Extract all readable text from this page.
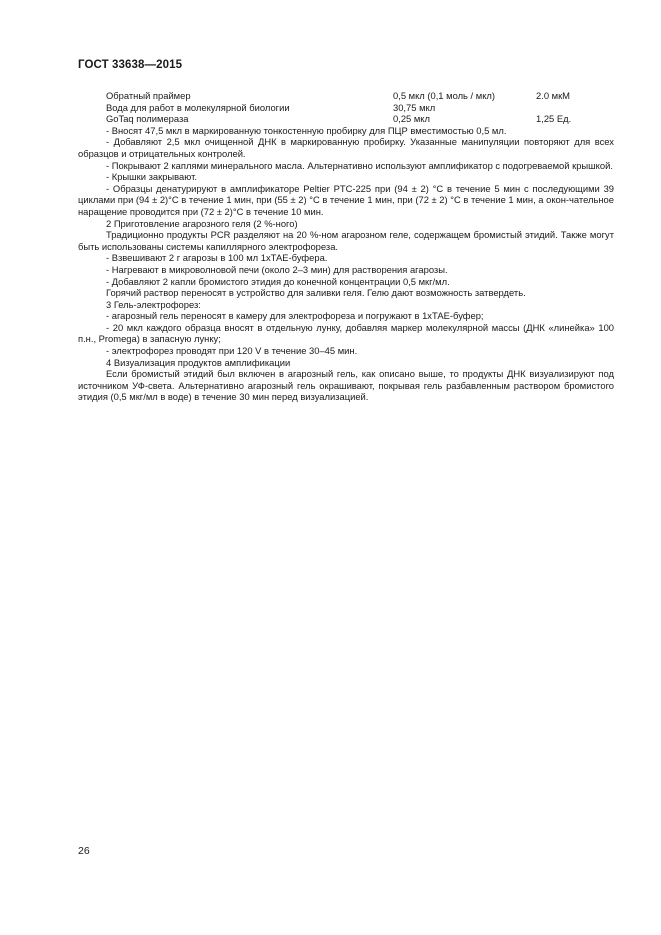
ГОСТ 33638—2015
Обратный праймер	0,5 мкл (0,1 моль / мкл)	2.0 мкМ
Вода для работ в молекулярной биологии	30,75 мкл
GoTaq полимераза	0,25 мкл	1,25 Ед.

- Вносят 47,5 мкл в маркированную тонкостенную пробирку для ПЦР вместимостью 0,5 мл.

- Добавляют 2,5 мкл очищенной ДНК в маркированную пробирку. Указанные манипуляции повторяют для всех образцов и отрицательных контролей.

- Покрывают 2 каплями минерального масла. Альтернативно используют амплификатор с подогреваемой крышкой.

- Крышки закрывают.

- Образцы денатурируют в амплификаторе Peltier PTC-225 при (94 ± 2) °С в течение 5 мин с последующими 39 циклами при (94 ± 2)°С в течение 1 мин, при (55 ± 2) °С в течение 1 мин, при (72 ± 2) °С в течение 1 мин, а окон-чательное наращение проводится при (72 ± 2)°С в течение 10 мин.

2 Приготовление агарозного геля (2 %-ного)

Традиционно продукты PCR разделяют на 20 %-ном агарозном геле, содержащем бромистый этидий. Также могут быть использованы системы капиллярного электрофореза.

- Взвешивают 2 г агарозы в 100 мл 1хТАЕ-буфера.

- Нагревают в микроволновой печи (около 2–3 мин) для растворения агарозы.

- Добавляют 2 капли бромистого этидия до конечной концентрации 0,5 мкг/мл.

Горячий раствор переносят в устройство для заливки геля. Гелю дают возможность затвердеть.

3 Гель-электрофорез:

- агарозный гель переносят в камеру для электрофореза и погружают в 1хТАЕ-буфер;

- 20 мкл каждого образца вносят в отдельную лунку, добавляя маркер молекулярной массы (ДНК «линейка» 100 п.н., Promega) в запасную лунку;

- электрофорез проводят при 120 V в течение 30–45 мин.

4 Визуализация продуктов амплификации

Если бромистый этидий был включен в агарозный гель, как описано выше, то продукты ДНК визуализируют под источником УФ-света. Альтернативно агарозный гель окрашивают, покрывая гель разбавленным раствором бромистого этидия (0,5 мкг/мл в воде) в течение 30 мин перед визуализацией.

26
